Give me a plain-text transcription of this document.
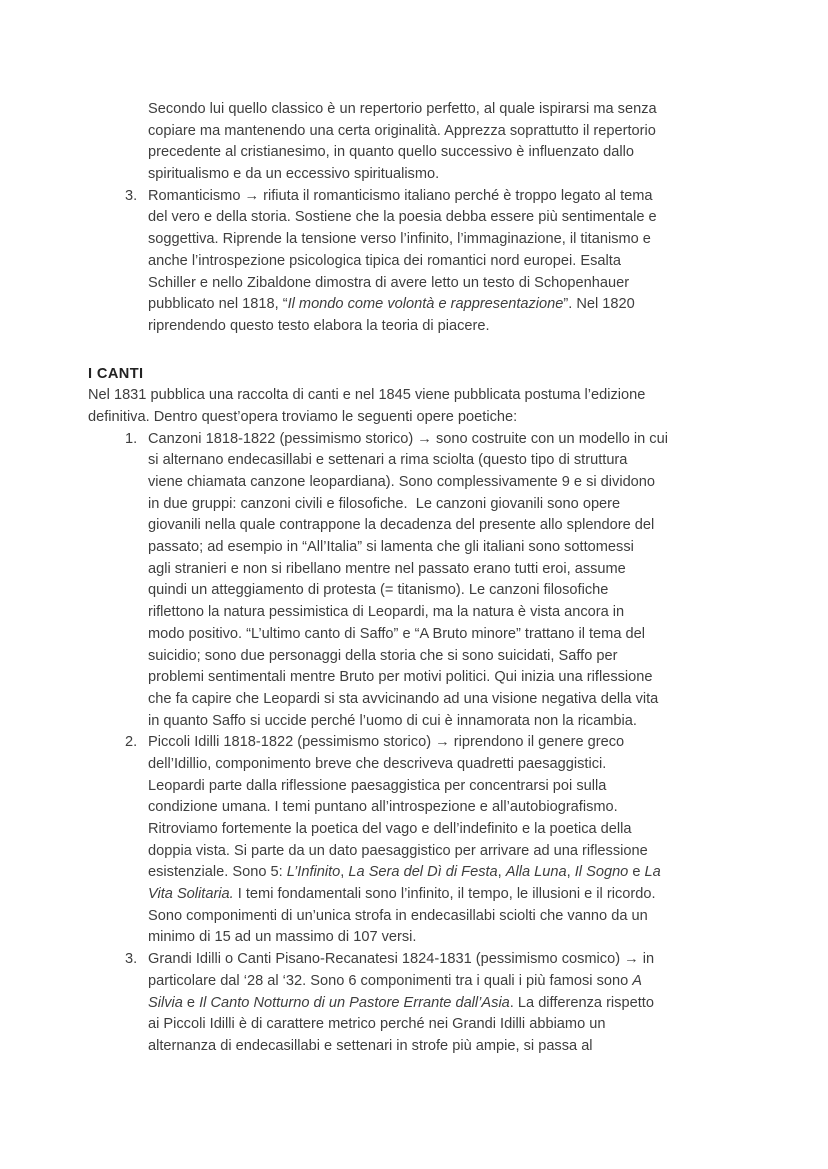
Secondo lui quello classico è un repertorio perfetto, al quale ispirarsi ma senza
copiare ma mantenendo una certa originalità. Apprezza soprattutto il repertorio
precedente al cristianesimo, in quanto quello successivo è influenzato dallo
spiritualismo e da un eccessivo spiritualismo.
3. Romanticismo → rifiuta il romanticismo italiano perché è troppo legato al tema
del vero e della storia. Sostiene che la poesia debba essere più sentimentale e
soggettiva. Riprende la tensione verso l’infinito, l’immaginazione, il titanismo e
anche l’introspezione psicologica tipica dei romantici nord europei. Esalta
Schiller e nello Zibaldone dimostra di avere letto un testo di Schopenhauer
pubblicato nel 1818, “Il mondo come volontà e rappresentazione”. Nel 1820
riprendendo questo testo elabora la teoria di piacere.
I CANTI
Nel 1831 pubblica una raccolta di canti e nel 1845 viene pubblicata postuma l’edizione
definitiva. Dentro quest’opera troviamo le seguenti opere poetiche:
1. Canzoni 1818-1822 (pessimismo storico) → sono costruite con un modello in cui
si alternano endecasillabi e settenari a rima sciolta (questo tipo di struttura
viene chiamata canzone leopardiana). Sono complessivamente 9 e si dividono
in due gruppi: canzoni civili e filosofiche.  Le canzoni giovanili sono opere
giovanili nella quale contrappone la decadenza del presente allo splendore del
passato; ad esempio in “All’Italia” si lamenta che gli italiani sono sottomessi
agli stranieri e non si ribellano mentre nel passato erano tutti eroi, assume
quindi un atteggiamento di protesta (= titanismo). Le canzoni filosofiche
riflettono la natura pessimistica di Leopardi, ma la natura è vista ancora in
modo positivo. “L’ultimo canto di Saffo” e “A Bruto minore” trattano il tema del
suicidio; sono due personaggi della storia che si sono suicidati, Saffo per
problemi sentimentali mentre Bruto per motivi politici. Qui inizia una riflessione
che fa capire che Leopardi si sta avvicinando ad una visione negativa della vita
in quanto Saffo si uccide perché l’uomo di cui è innamorata non la ricambia.
2. Piccoli Idilli 1818-1822 (pessimismo storico) → riprendono il genere greco
dell’Idillio, componimento breve che descriveva quadretti paesaggistici.
Leopardi parte dalla riflessione paesaggistica per concentrarsi poi sulla
condizione umana. I temi puntano all’introspezione e all’autobiografismo.
Ritroviamo fortemente la poetica del vago e dell’indefinito e la poetica della
doppia vista. Si parte da un dato paesaggistico per arrivare ad una riflessione
esistenziale. Sono 5: L’Infinito, La Sera del Dì di Festa, Alla Luna, Il Sogno e La
Vita Solitaria. I temi fondamentali sono l’infinito, il tempo, le illusioni e il ricordo.
Sono componimenti di un’unica strofa in endecasillabi sciolti che vanno da un
minimo di 15 ad un massimo di 107 versi.
3. Grandi Idilli o Canti Pisano-Recanatesi 1824-1831 (pessimismo cosmico) → in
particolare dal ‘28 al ‘32. Sono 6 componimenti tra i quali i più famosi sono A
Silvia e Il Canto Notturno di un Pastore Errante dall’Asia. La differenza rispetto
ai Piccoli Idilli è di carattere metrico perché nei Grandi Idilli abbiamo un
alternanza di endecasillabi e settenari in strofe più ampie, si passa al
